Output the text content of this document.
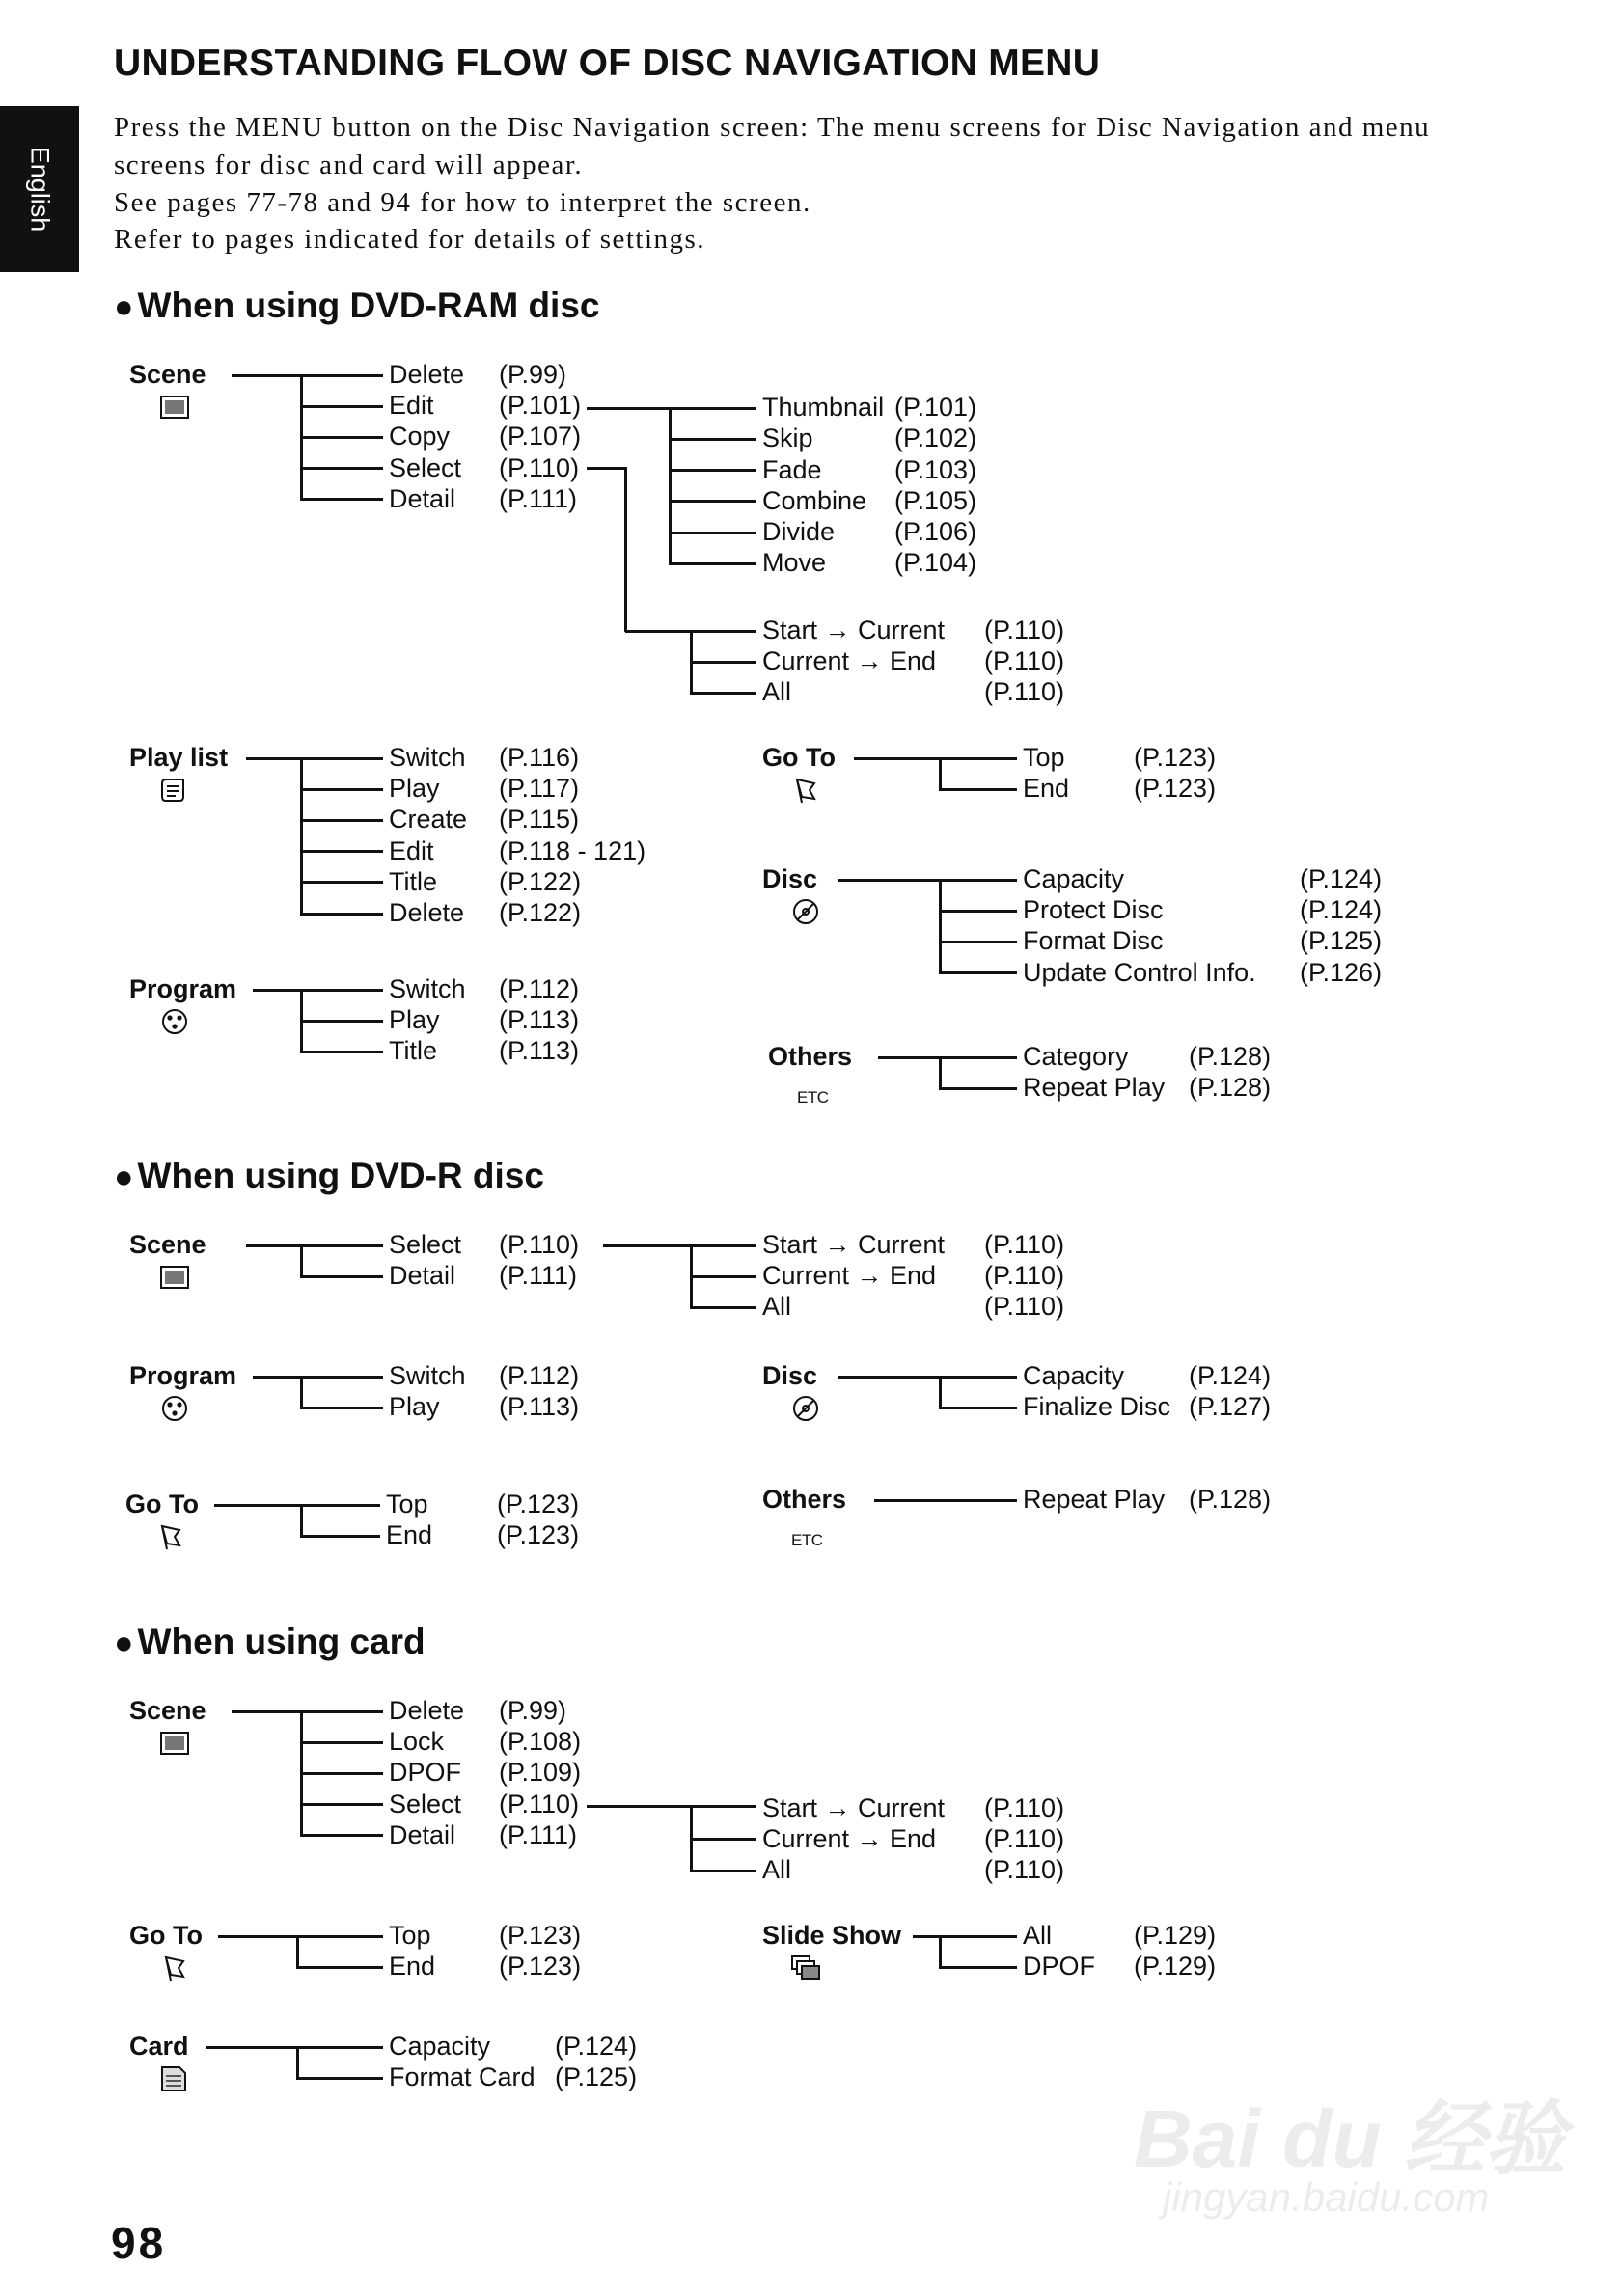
English
UNDERSTANDING FLOW OF DISC NAVIGATION MENU
Press the MENU button on the Disc Navigation screen: The menu screens for Disc Navigation and menu
screens for disc and card will appear.
See pages 77-78 and 94 for how to interpret the screen.
Refer to pages indicated for details of settings.
● When using DVD-RAM disc
● When using DVD-R disc
● When using card
Scene	Delete (P.99)
Edit (P.101)
Copy (P.107)
Select (P.110)
Detail (P.111)
Thumbnail (P.101)
Skip	(P.102)
Fade	(P.103)
Combine (P.105)
Divide (P.106)
Move	(P.104)
Start → Current (P.110)
Current → End (P.110)
All	(P.110)
Play list	Switch (P.116)
Play (P.117)
Create (P.115)
Edit (P.118 - 121)
Title (P.122)
Delete (P.122)
Program	Switch (P.112)
Play (P.113)
Title (P.113)
Go To	Top	(P.123)
End (P.123)
Disc	Capacity	(P.124)
Protect Disc	(P.124)
Format Disc	(P.125)
Update Control Info. (P.126)
Others
ETC
Category (P.128)
Repeat Play (P.128)
Scene	Select (P.110)
Detail (P.111)
Start → Current (P.110)
Current → End (P.110)
All	(P.110)
Program	Switch (P.112)
Play (P.113)
Go To	Top	(P.123)
End (P.123)
Disc	Capacity (P.124)
Finalize Disc (P.127)
Others
ETC
Repeat Play (P.128)
Scene	Delete (P.99)
Lock (P.108)
DPOF (P.109)
Select (P.110)
Detail (P.111)
Start → Current (P.110)
Current → End (P.110)
All	(P.110)
Go To	Top	(P.123)
End (P.123)
Slide Show	All	(P.129)
DPOF (P.129)
Card	Capacity (P.124)
Format Card (P.125)
98
Bai du 经验
jingyan.baidu.com
